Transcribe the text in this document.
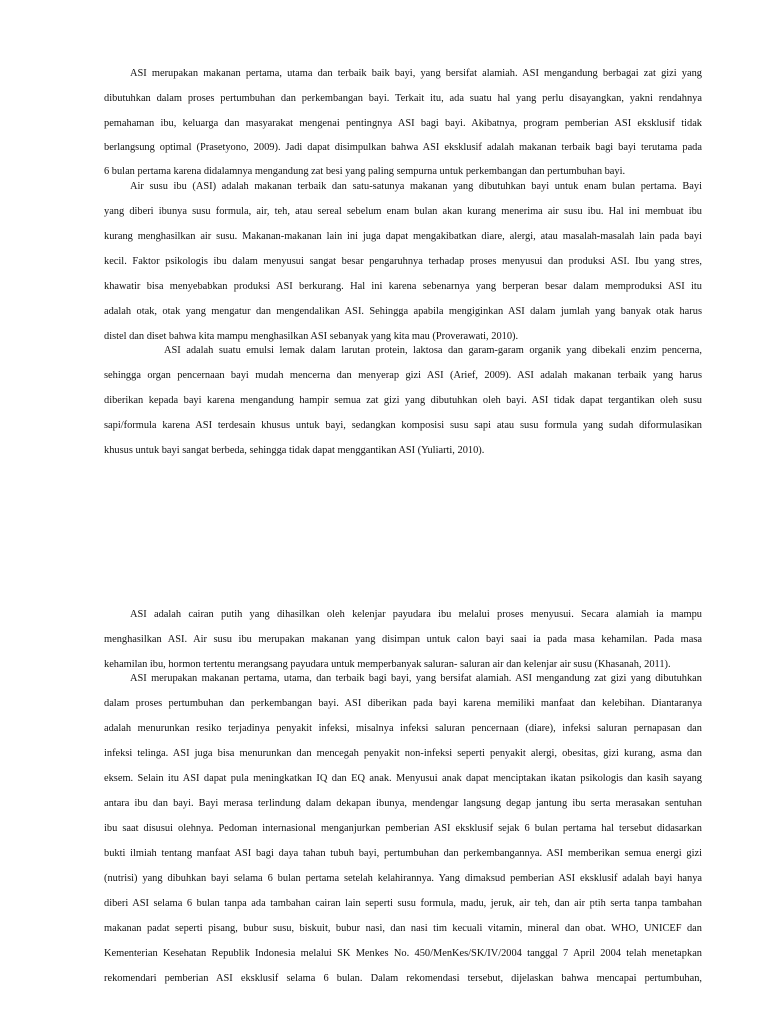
ASI merupakan makanan pertama, utama dan terbaik baik bayi, yang bersifat alamiah. ASI mengandung berbagai zat gizi yang
dibutuhkan dalam proses pertumbuhan dan perkembangan bayi. Terkait itu, ada suatu hal yang perlu disayangkan, yakni rendahnya
pemahaman ibu, keluarga dan masyarakat mengenai pentingnya ASI bagi bayi. Akibatnya, program pemberian ASI eksklusif tidak
berlangsung optimal (Prasetyono, 2009). Jadi dapat disimpulkan bahwa ASI eksklusif adalah makanan terbaik bagi bayi terutama pada
6 bulan pertama karena didalamnya mengandung zat besi yang paling sempurna untuk perkembangan dan pertumbuhan bayi.
Air susu ibu (ASI) adalah makanan terbaik dan satu-satunya makanan yang dibutuhkan bayi untuk enam bulan pertama. Bayi
yang diberi ibunya susu formula, air, teh, atau sereal sebelum enam bulan akan kurang menerima air susu ibu. Hal ini membuat ibu
kurang menghasilkan air susu. Makanan-makanan lain ini juga dapat mengakibatkan diare, alergi, atau masalah-masalah lain pada bayi
kecil. Faktor psikologis ibu dalam menyusui sangat besar pengaruhnya terhadap proses menyusui dan produksi ASI. Ibu yang stres,
khawatir bisa menyebabkan produksi ASI berkurang. Hal ini karena sebenarnya yang berperan besar dalam memproduksi ASI itu
adalah otak, otak yang mengatur dan mengendalikan ASI. Sehingga apabila mengiginkan ASI dalam jumlah yang banyak otak harus
distel dan diset bahwa kita mampu menghasilkan ASI sebanyak yang kita mau (Proverawati, 2010).
ASI adalah suatu emulsi lemak dalam larutan protein, laktosa dan garam-garam organik yang dibekali enzim pencerna,
sehingga organ pencernaan bayi mudah mencerna dan menyerap gizi ASI (Arief, 2009). ASI adalah makanan terbaik yang harus
diberikan kepada bayi karena mengandung hampir semua zat gizi yang dibutuhkan oleh bayi. ASI tidak dapat tergantikan oleh susu
sapi/formula karena ASI terdesain khusus untuk bayi, sedangkan komposisi susu sapi atau susu formula yang sudah diformulasikan
khusus untuk bayi sangat berbeda, sehingga tidak dapat menggantikan ASI (Yuliarti, 2010).
ASI adalah cairan putih yang dihasilkan oleh kelenjar payudara ibu melalui proses menyusui. Secara alamiah ia mampu
menghasilkan ASI. Air susu ibu merupakan makanan yang disimpan untuk calon bayi saai ia pada masa kehamilan. Pada masa
kehamilan ibu, hormon tertentu merangsang payudara untuk memperbanyak saluran- saluran air dan kelenjar air susu (Khasanah, 2011).
ASI merupakan makanan pertama, utama, dan terbaik bagi bayi, yang bersifat alamiah. ASI mengandung zat gizi yang dibutuhkan
dalam proses pertumbuhan dan perkembangan bayi. ASI diberikan pada bayi karena memiliki manfaat dan kelebihan. Diantaranya
adalah menurunkan resiko terjadinya penyakit infeksi, misalnya infeksi saluran pencernaan (diare), infeksi saluran pernapasan dan
infeksi telinga. ASI juga bisa menurunkan dan mencegah penyakit non-infeksi seperti penyakit alergi, obesitas, gizi kurang, asma dan
eksem. Selain itu ASI dapat pula meningkatkan IQ dan EQ anak. Menyusui anak dapat menciptakan ikatan psikologis dan kasih sayang
antara ibu dan bayi. Bayi merasa terlindung dalam dekapan ibunya, mendengar langsung degap jantung ibu serta merasakan sentuhan
ibu saat disusui olehnya. Pedoman internasional menganjurkan pemberian ASI eksklusif sejak 6 bulan pertama hal tersebut didasarkan
bukti ilmiah tentang manfaat ASI bagi daya tahan tubuh bayi, pertumbuhan dan perkembangannya. ASI memberikan semua energi gizi
(nutrisi) yang dibuhkan bayi selama 6 bulan pertama setelah kelahirannya. Yang dimaksud pemberian ASI eksklusif adalah bayi hanya
diberi ASI selama 6 bulan tanpa ada tambahan cairan lain seperti susu formula, madu, jeruk, air teh, dan air ptih serta tanpa tambahan
makanan padat seperti pisang, bubur susu, biskuit, bubur nasi, dan nasi tim kecuali vitamin, mineral dan obat. WHO, UNICEF dan
Kementerian Kesehatan Republik Indonesia melalui SK Menkes No. 450/MenKes/SK/IV/2004 tanggal 7 April 2004 telah menetapkan
rekomendari pemberian ASI eksklusif selama 6 bulan. Dalam rekomendasi tersebut, dijelaskan bahwa mencapai pertumbuhan,
